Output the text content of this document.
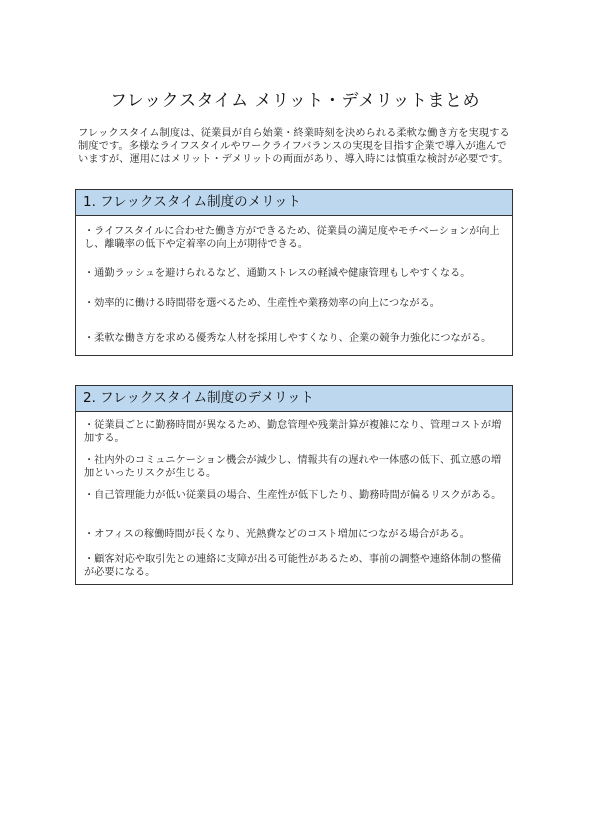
フレックスタイム メリット・デメリットまとめ
フレックスタイム制度は、従業員が自ら始業・終業時刻を決められる柔軟な働き方を実現する制度です。多様なライフスタイルやワークライフバランスの実現を目指す企業で導入が進んでいますが、運用にはメリット・デメリットの両面があり、導入時には慎重な検討が必要です。
1. フレックスタイム制度のメリット
・ライフスタイルに合わせた働き方ができるため、従業員の満足度やモチベーションが向上し、離職率の低下や定着率の向上が期待できる。
・通勤ラッシュを避けられるなど、通勤ストレスの軽減や健康管理もしやすくなる。
・効率的に働ける時間帯を選べるため、生産性や業務効率の向上につながる。
・柔軟な働き方を求める優秀な人材を採用しやすくなり、企業の競争力強化につながる。
2. フレックスタイム制度のデメリット
・従業員ごとに勤務時間が異なるため、勤怠管理や残業計算が複雑になり、管理コストが増加する。
・社内外のコミュニケーション機会が減少し、情報共有の遅れや一体感の低下、孤立感の増加といったリスクが生じる。
・自己管理能力が低い従業員の場合、生産性が低下したり、勤務時間が偏るリスクがある。
・オフィスの稼働時間が長くなり、光熱費などのコスト増加につながる場合がある。
・顧客対応や取引先との連絡に支障が出る可能性があるため、事前の調整や連絡体制の整備が必要になる。
